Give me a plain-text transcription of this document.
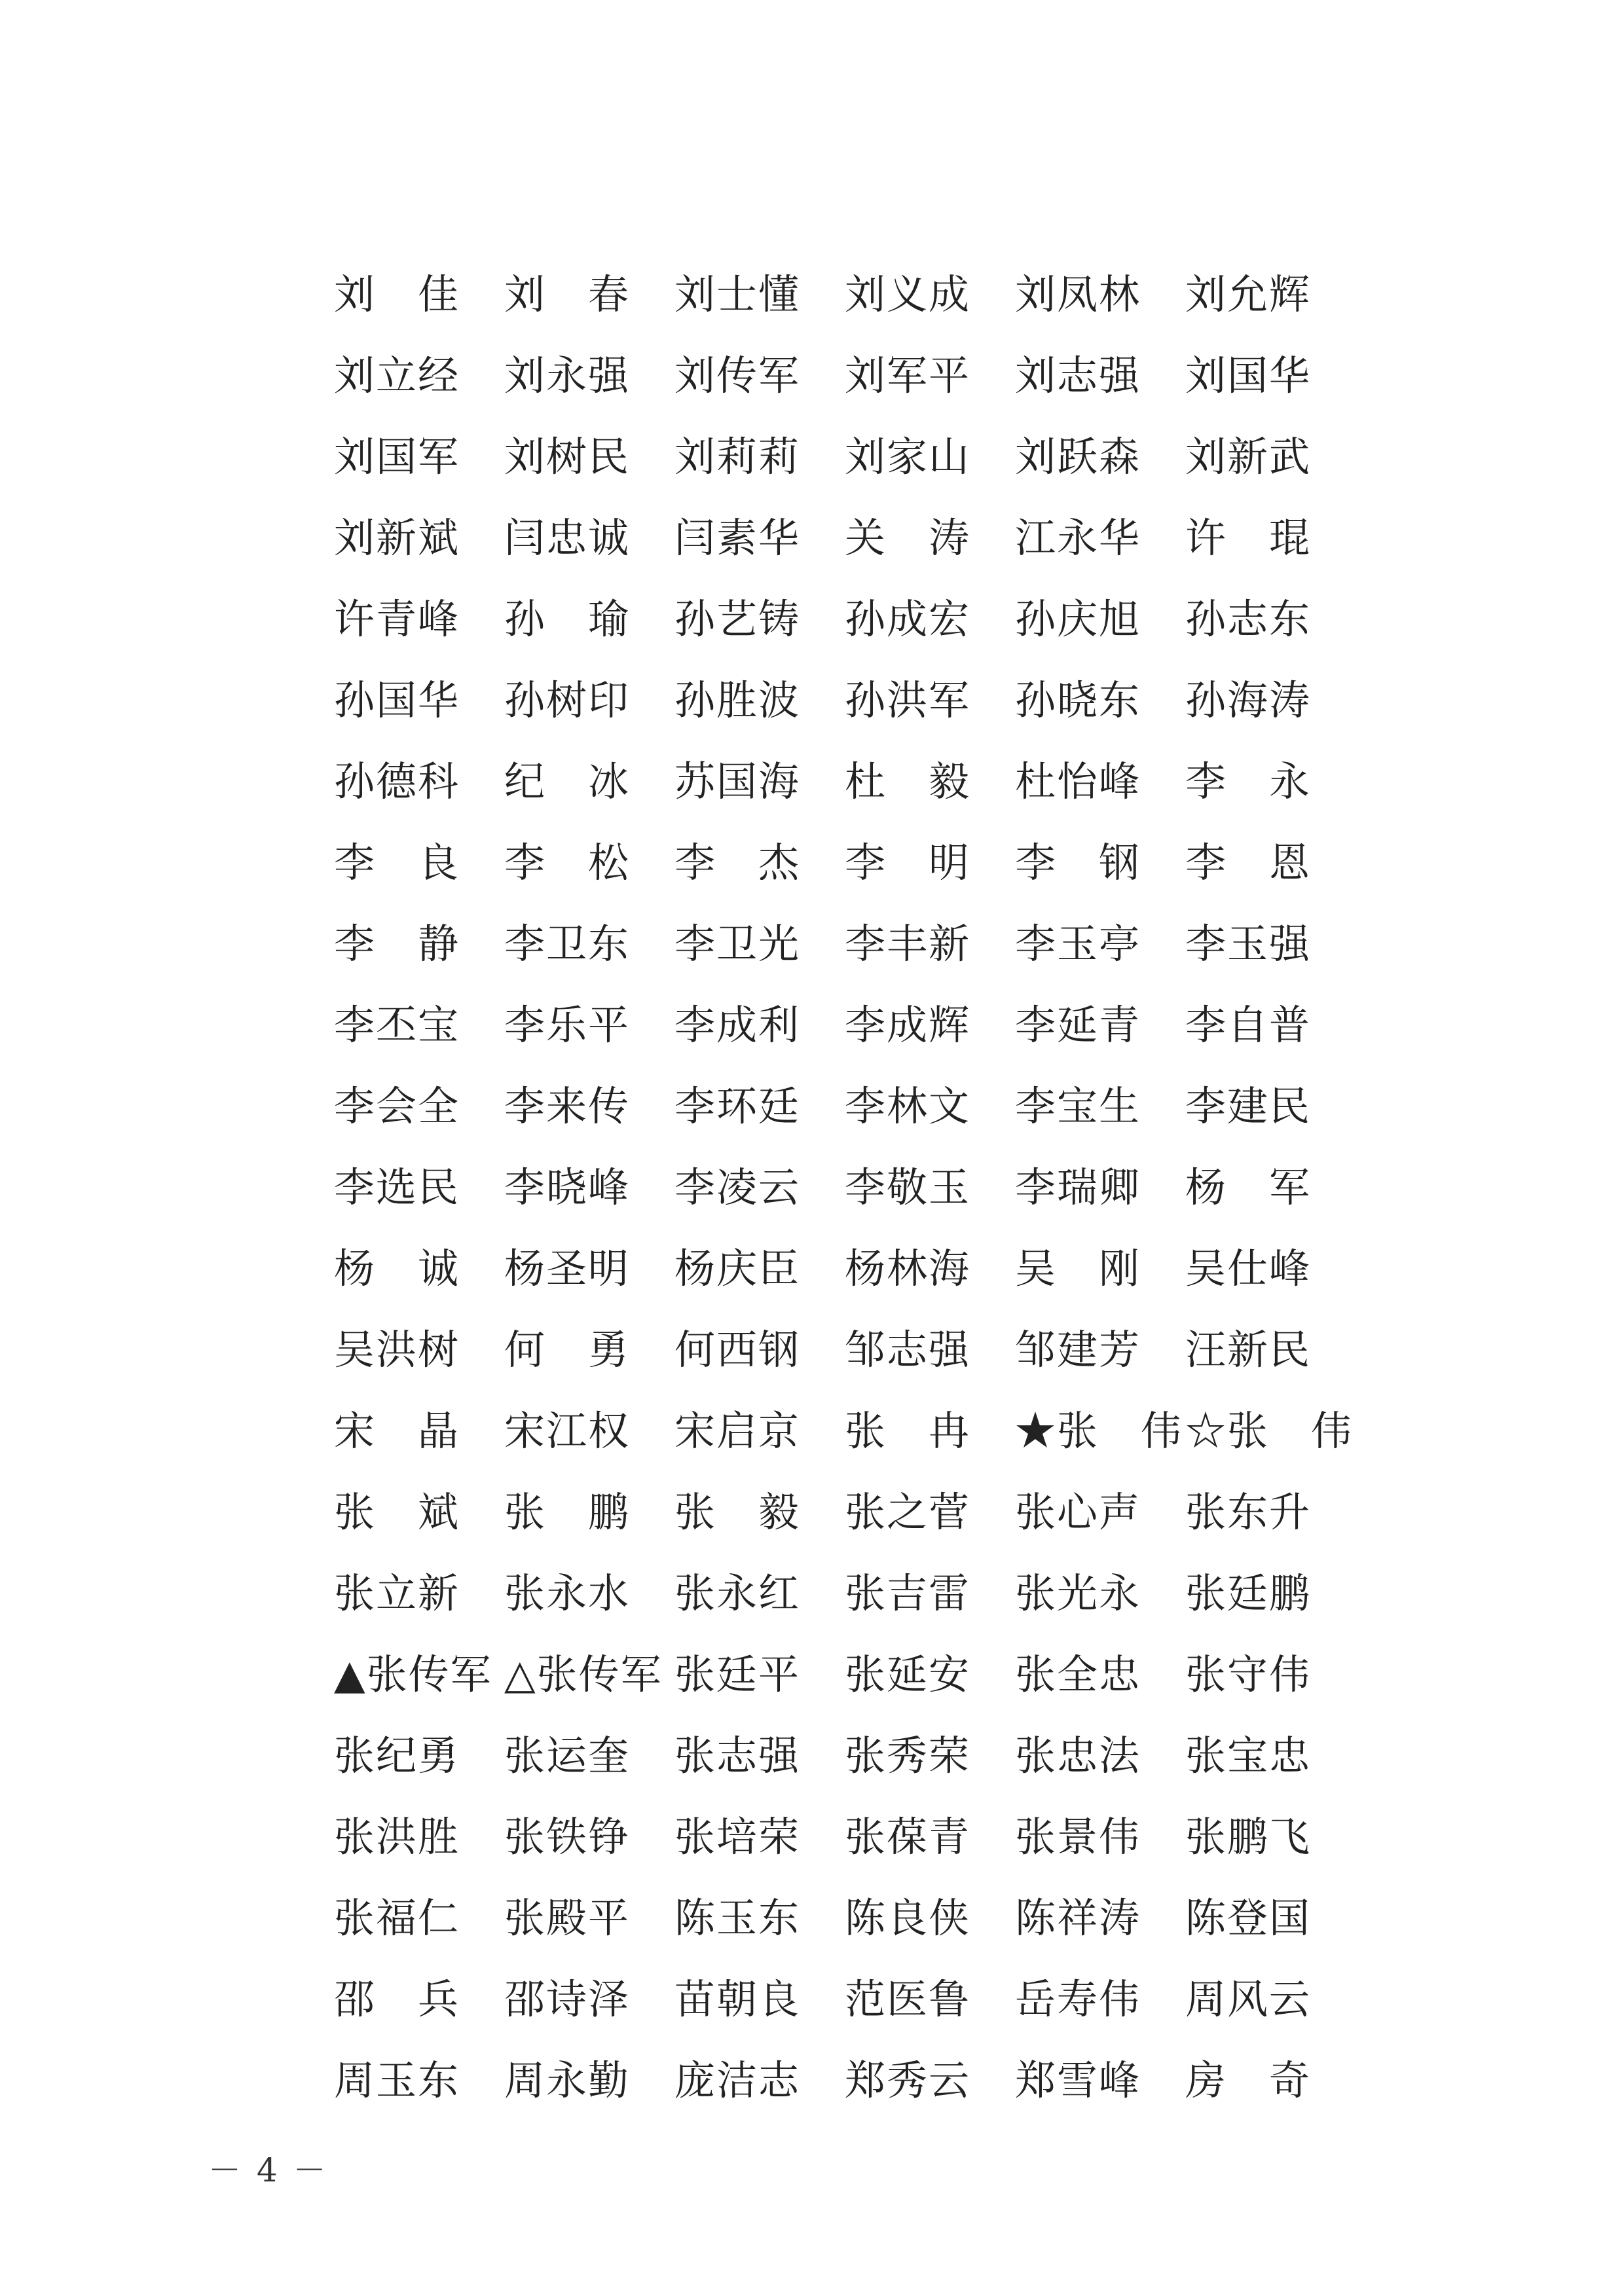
刘　佳	刘　春	刘士懂	刘义成	刘凤林	刘允辉
刘立经	刘永强	刘传军	刘军平	刘志强	刘国华
刘国军	刘树民	刘莉莉	刘家山	刘跃森	刘新武
刘新斌	闫忠诚	闫素华	关　涛	江永华	许　琨
许青峰	孙　瑜	孙艺铸	孙成宏	孙庆旭	孙志东
孙国华	孙树印	孙胜波	孙洪军	孙晓东	孙海涛
孙德科	纪　冰	苏国海	杜　毅	杜怡峰	李　永
李　良	李　松	李　杰	李　明	李　钢	李　恩
李　静	李卫东	李卫光	李丰新	李玉亭	李玉强
李丕宝	李乐平	李成利	李成辉	李延青	李自普
李会全	李来传	李环廷	李林文	李宝生	李建民
李选民	李晓峰	李凌云	李敬玉	李瑞卿	杨　军
杨　诚	杨圣明	杨庆臣	杨林海	吴　刚	吴仕峰
吴洪树	何　勇	何西钢	邹志强	邹建芳	汪新民
宋　晶	宋江权	宋启京	张　冉	★张　伟 ☆张　伟
张　斌	张　鹏	张　毅	张之菅	张心声	张东升
张立新	张永水	张永红	张吉雷	张光永	张廷鹏
▲张传军 △张传军 张廷平	张延安	张全忠	张守伟
张纪勇	张运奎	张志强	张秀荣	张忠法	张宝忠
张洪胜	张铁铮	张培荣	张葆青	张景伟	张鹏飞
张福仁	张殿平	陈玉东	陈良侠	陈祥涛	陈登国
邵　兵	邵诗泽	苗朝良	范医鲁	岳寿伟	周风云
周玉东	周永勤	庞洁志	郑秀云	郑雪峰	房　奇
－ 4 －
